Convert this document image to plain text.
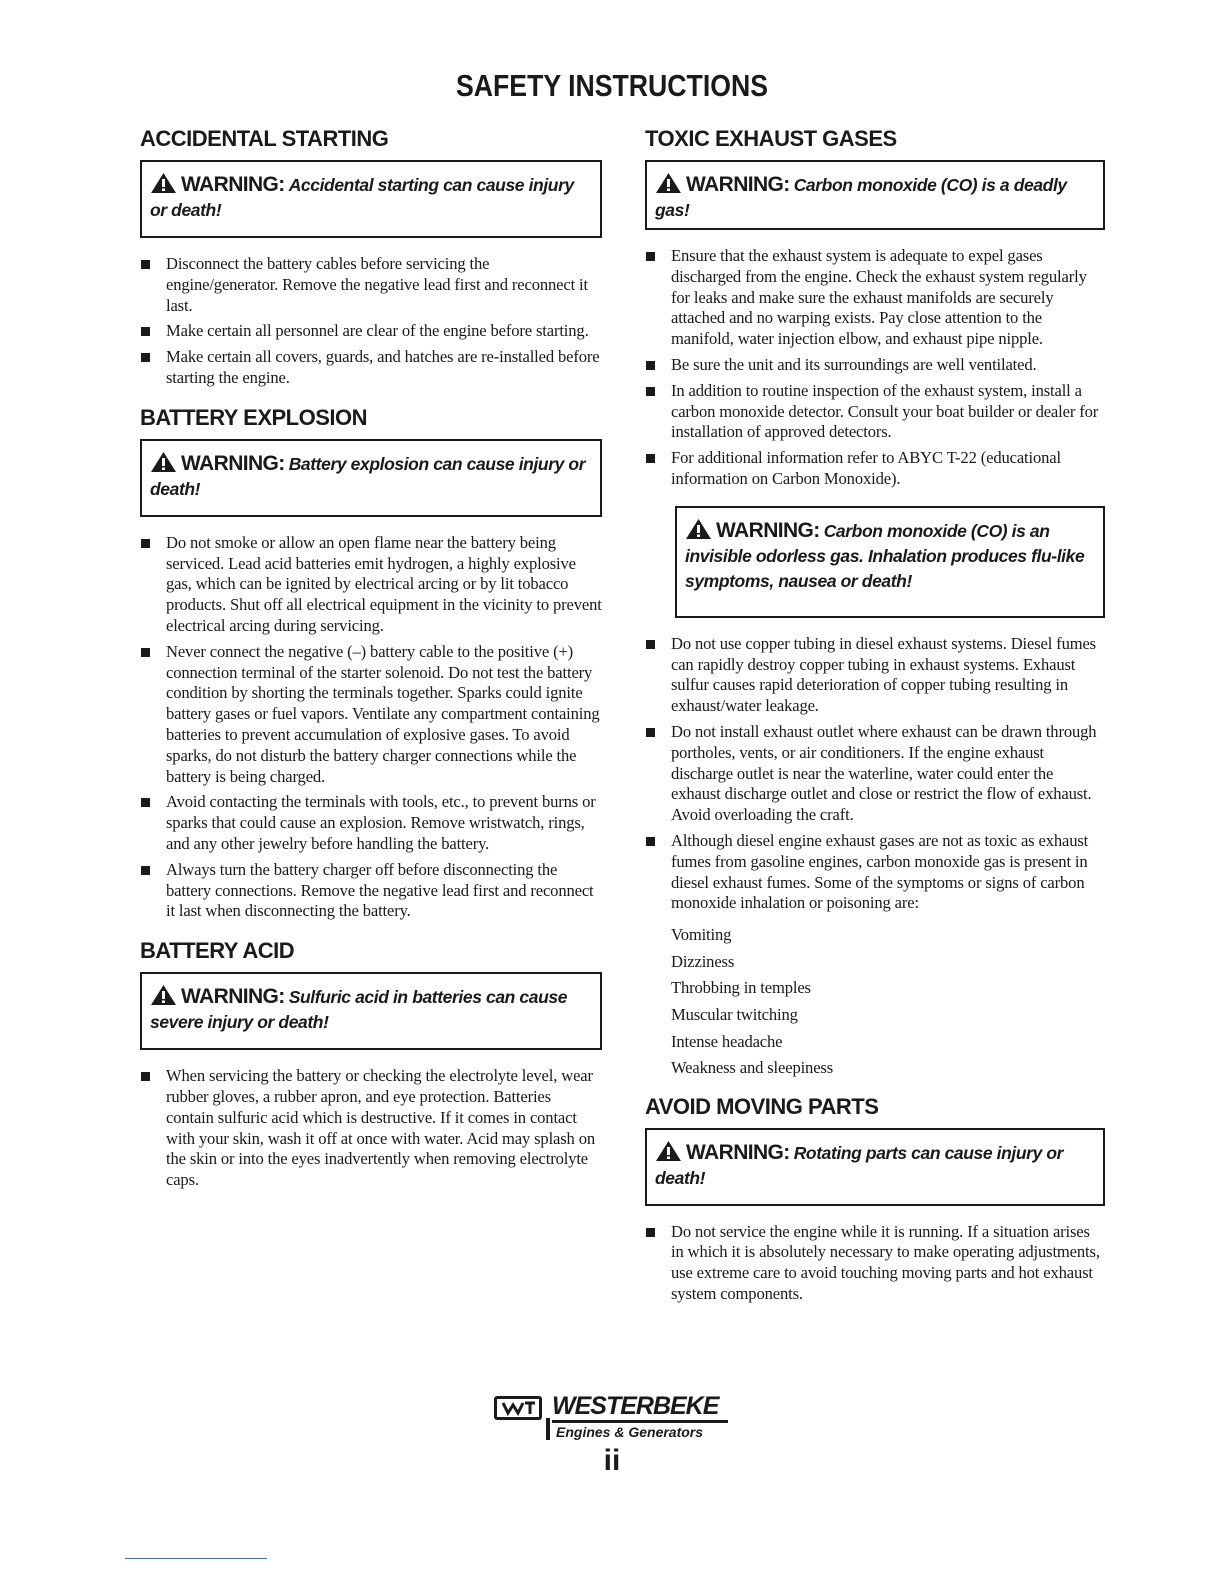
SAFETY INSTRUCTIONS
ACCIDENTAL STARTING
WARNING: Accidental starting can cause injury or death!
Disconnect the battery cables before servicing the engine/generator. Remove the negative lead first and reconnect it last.
Make certain all personnel are clear of the engine before starting.
Make certain all covers, guards, and hatches are re-installed before starting the engine.
BATTERY EXPLOSION
WARNING: Battery explosion can cause injury or death!
Do not smoke or allow an open flame near the battery being serviced. Lead acid batteries emit hydrogen, a highly explosive gas, which can be ignited by electrical arcing or by lit tobacco products. Shut off all electrical equipment in the vicinity to prevent electrical arcing during servicing.
Never connect the negative (–) battery cable to the positive (+) connection terminal of the starter solenoid. Do not test the battery condition by shorting the terminals together. Sparks could ignite battery gases or fuel vapors. Ventilate any compartment containing batteries to prevent accumulation of explosive gases. To avoid sparks, do not disturb the battery charger connections while the battery is being charged.
Avoid contacting the terminals with tools, etc., to prevent burns or sparks that could cause an explosion. Remove wristwatch, rings, and any other jewelry before handling the battery.
Always turn the battery charger off before disconnecting the battery connections. Remove the negative lead first and reconnect it last when disconnecting the battery.
BATTERY ACID
WARNING: Sulfuric acid in batteries can cause severe injury or death!
When servicing the battery or checking the electrolyte level, wear rubber gloves, a rubber apron, and eye protection. Batteries contain sulfuric acid which is destructive. If it comes in contact with your skin, wash it off at once with water. Acid may splash on the skin or into the eyes inadvertently when removing electrolyte caps.
TOXIC EXHAUST GASES
WARNING: Carbon monoxide (CO) is a deadly gas!
Ensure that the exhaust system is adequate to expel gases discharged from the engine. Check the exhaust system regularly for leaks and make sure the exhaust manifolds are securely attached and no warping exists. Pay close attention to the manifold, water injection elbow, and exhaust pipe nipple.
Be sure the unit and its surroundings are well ventilated.
In addition to routine inspection of the exhaust system, install a carbon monoxide detector. Consult your boat builder or dealer for installation of approved detectors.
For additional information refer to ABYC T-22 (educational information on Carbon Monoxide).
WARNING: Carbon monoxide (CO) is an invisible odorless gas. Inhalation produces flu-like symptoms, nausea or death!
Do not use copper tubing in diesel exhaust systems. Diesel fumes can rapidly destroy copper tubing in exhaust systems. Exhaust sulfur causes rapid deterioration of copper tubing resulting in exhaust/water leakage.
Do not install exhaust outlet where exhaust can be drawn through portholes, vents, or air conditioners. If the engine exhaust discharge outlet is near the waterline, water could enter the exhaust discharge outlet and close or restrict the flow of exhaust. Avoid overloading the craft.
Although diesel engine exhaust gases are not as toxic as exhaust fumes from gasoline engines, carbon monoxide gas is present in diesel exhaust fumes. Some of the symptoms or signs of carbon monoxide inhalation or poisoning are:
Vomiting
Dizziness
Throbbing in temples
Muscular twitching
Intense headache
Weakness and sleepiness
AVOID MOVING PARTS
WARNING: Rotating parts can cause injury or death!
Do not service the engine while it is running. If a situation arises in which it is absolutely necessary to make operating adjustments, use extreme care to avoid touching moving parts and hot exhaust system components.
WESTERBEKE
Engines & Generators
ii
